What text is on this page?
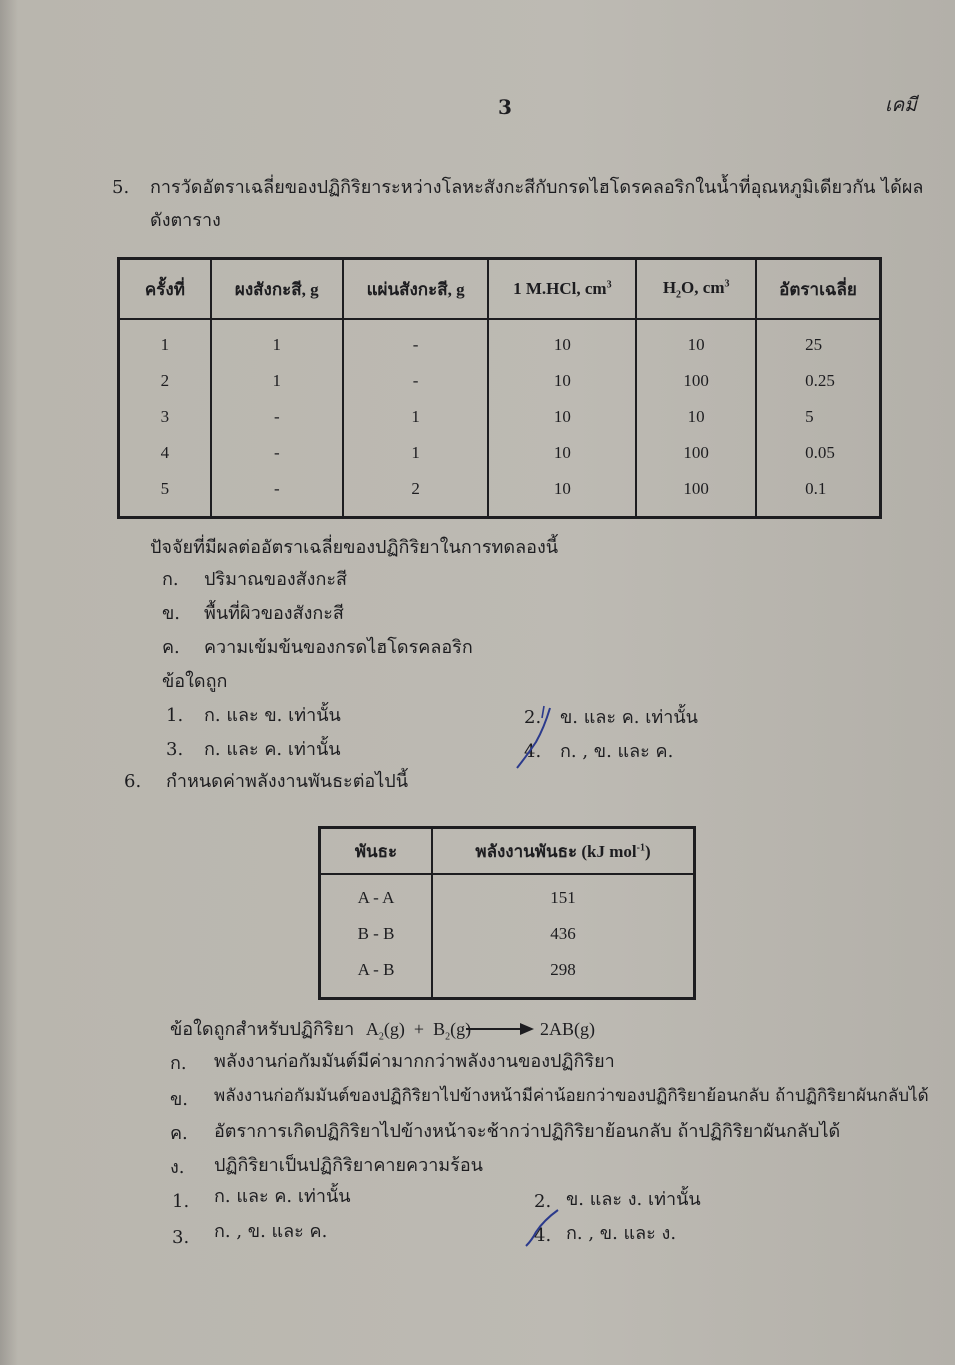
3	เคมี
5. การวัดอัตราเฉลี่ยของปฏิกิริยาระหว่างโลหะสังกะสีกับกรดไฮโดรคลอริกในน้ำที่อุณหภูมิเดียวกัน ได้ผล
ดังตาราง
ครั้งที่	ผงสังกะสี, g	แผ่นสังกะสี, g	1 M.HCl, $cm^3$	$H_2O$, $cm^3$	อัตราเฉลี่ย
1	1	-	10	10	25
2	1	-	10	100	0.25
3	-	1	10	10	5
4	-	1	10	100	0.05
5	-	2	10	100	0.1
ปัจจัยที่มีผลต่ออัตราเฉลี่ยของปฏิกิริยาในการทดลองนี้
ก. ปริมาณของสังกะสี
ข. พื้นที่ผิวของสังกะสี
ค. ความเข้มข้นของกรดไฮโดรคลอริก
ข้อใดถูก
1. ก. และ ข. เท่านั้น	2. ข. และ ค. เท่านั้น
3. ก. และ ค. เท่านั้น	4. ก. , ข. และ ค.
6. กำหนดค่าพลังงานพันธะต่อไปนี้
พันธะ	พลังงานพันธะ (kJ mol$^{-1}$)
A - A	151
B - B	436
A - B	298
ข้อใดถูกสำหรับปฏิกิริยา $A_2(g) + B_2(g)$	2AB(g)
ก. พลังงานก่อกัมมันต์มีค่ามากกว่าพลังงานของปฏิกิริยา
ข. พลังงานก่อกัมมันต์ของปฏิกิริยาไปข้างหน้ามีค่าน้อยกว่าของปฏิกิริยาย้อนกลับ ถ้าปฏิกิริยาผันกลับได้
ค. อัตราการเกิดปฏิกิริยาไปข้างหน้าจะช้ากว่าปฏิกิริยาย้อนกลับ ถ้าปฏิกิริยาผันกลับได้
ง. ปฏิกิริยาเป็นปฏิกิริยาคายความร้อน
1. ก. และ ค. เท่านั้น	2. ข. และ ง. เท่านั้น
3. ก. , ข. และ ค.	4. ก. , ข. และ ง.
